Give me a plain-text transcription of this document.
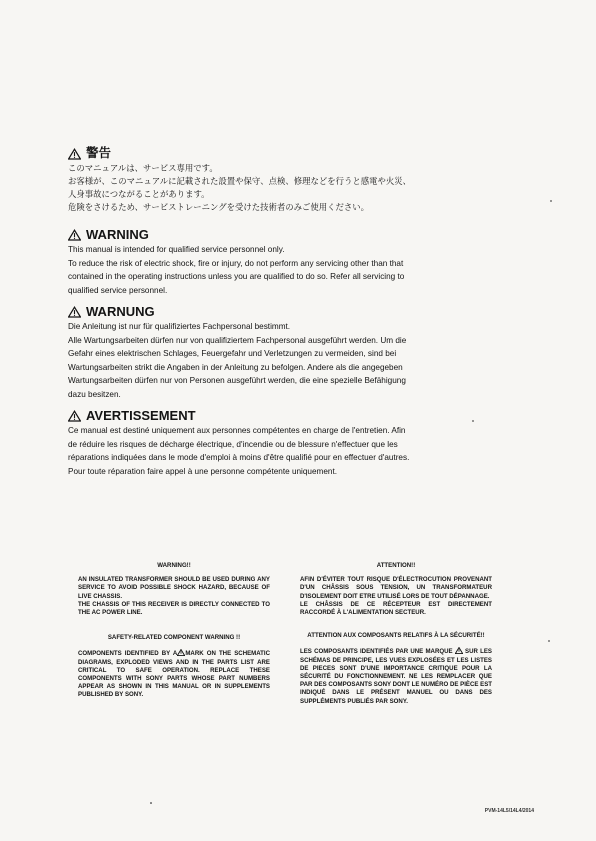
警告

このマニュアルは、サービス専用です。
お客様が、このマニュアルに記載された設置や保守、点検、修理などを行うと感電や火災、
人身事故につながることがあります。
危険をさけるため、サービストレーニングを受けた技術者のみご使用ください。

WARNING

This manual is intended for qualified service personnel only.
To reduce the risk of electric shock, fire or injury, do not perform any servicing other than that
contained in the operating instructions unless you are qualified to do so. Refer all servicing to
qualified service personnel.

WARNUNG

Die Anleitung ist nur für qualifiziertes Fachpersonal bestimmt.
Alle Wartungsarbeiten dürfen nur von qualifiziertem Fachpersonal ausgeführt werden. Um die
Gefahr eines elektrischen Schlages, Feuergefahr und Verletzungen zu vermeiden, sind bei
Wartungsarbeiten strikt die Angaben in der Anleitung zu befolgen. Andere als die angegeben
Wartungsarbeiten dürfen nur von Personen ausgeführt werden, die eine spezielle Befähigung
dazu besitzen.

AVERTISSEMENT

Ce manual est destiné uniquement aux personnes compétentes en charge de l'entretien. Afin
de réduire les risques de décharge électrique, d'incendie ou de blessure n'effectuer que les
réparations indiquées dans le mode d'emploi à moins d'être qualifié pour en effectuer d'autres.
Pour toute réparation faire appel à une personne compétente uniquement.

WARNING!!

AN INSULATED TRANSFORMER SHOULD BE USED DURING ANY SERVICE TO AVOID POSSIBLE SHOCK HAZARD, BECAUSE OF LIVE CHASSIS.

THE CHASSIS OF THIS RECEIVER IS DIRECTLY CONNECTED TO THE AC POWER LINE.

SAFETY-RELATED COMPONENT WARNING !!

COMPONENTS IDENTIFIED BY A MARK ON THE SCHEMATIC DIAGRAMS, EXPLODED VIEWS AND IN THE PARTS LIST ARE CRITICAL TO SAFE OPERATION. REPLACE THESE COMPONENTS WITH SONY PARTS WHOSE PART NUMBERS APPEAR AS SHOWN IN THIS MANUAL OR IN SUPPLEMENTS PUBLISHED BY SONY.

ATTENTION!!

AFIN D'ÉVITER TOUT RISQUE D'ÉLECTROCUTION PROVENANT D'UN CHÂSSIS SOUS TENSION, UN TRANSFORMATEUR D'ISOLEMENT DOIT ETRE UTILISÉ LORS DE TOUT DÉPANNAGE.

LE CHÂSSIS DE CE RÉCEPTEUR EST DIRECTEMENT RACCORDÉ À L'ALIMENTATION SECTEUR.

ATTENTION AUX COMPOSANTS RELATIFS À LA SÉCURITÉ!!

LES COMPOSANTS IDENTIFIÉS PAR UNE MARQUE SUR LES SCHÉMAS DE PRINCIPE, LES VUES EXPLOSÉES ET LES LISTES DE PIECES SONT D'UNE IMPORTANCE CRITIQUE POUR LA SÉCURITÉ DU FONCTIONNEMENT. NE LES REMPLACER QUE PAR DES COMPOSANTS SONY DONT LE NUMÉRO DE PIÈCE EST INDIQUÉ DANS LE PRÉSENT MANUEL OU DANS DES SUPPLÉMENTS PUBLIÉS PAR SONY.

PVM-14L5/14L4/2014
